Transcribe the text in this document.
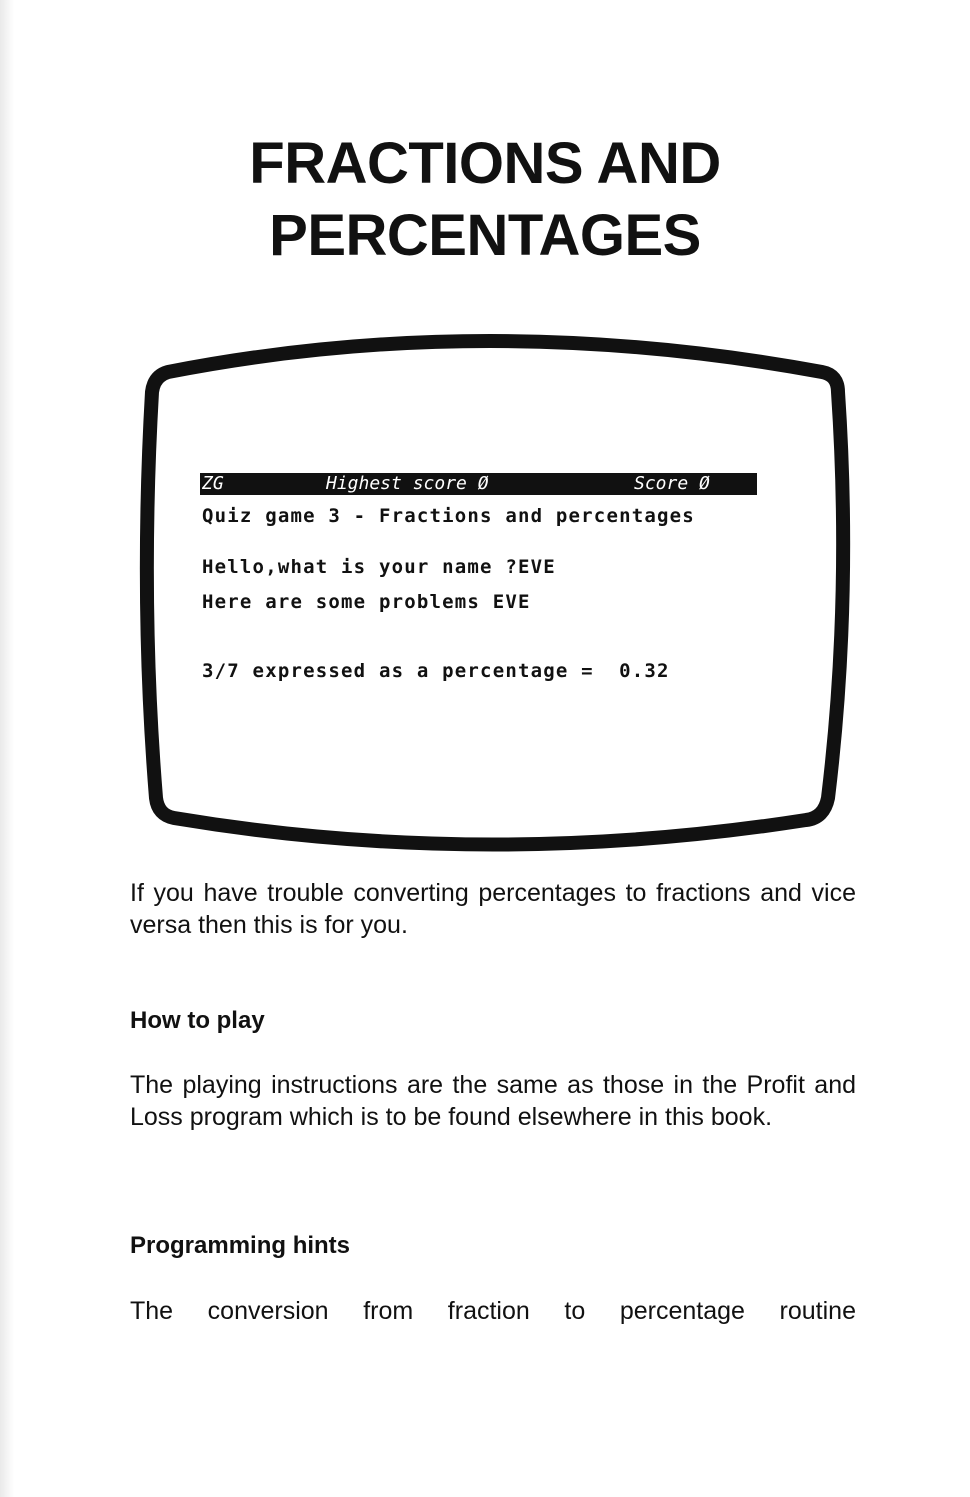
FRACTIONS AND
PERCENTAGES
ZG	Highest score Ø	Score Ø
Quiz game 3 - Fractions and percentages
Hello,what is your name ?EVE
Here are some problems EVE
3/7 expressed as a percentage =  0.32

If you have trouble converting percentages to fractions and vice versa then this is for you.

How to play

The playing instructions are the same as those in the Profit and Loss program which is to be found elsewhere in this book.

Programming hints

The conversion from fraction to percentage routine
